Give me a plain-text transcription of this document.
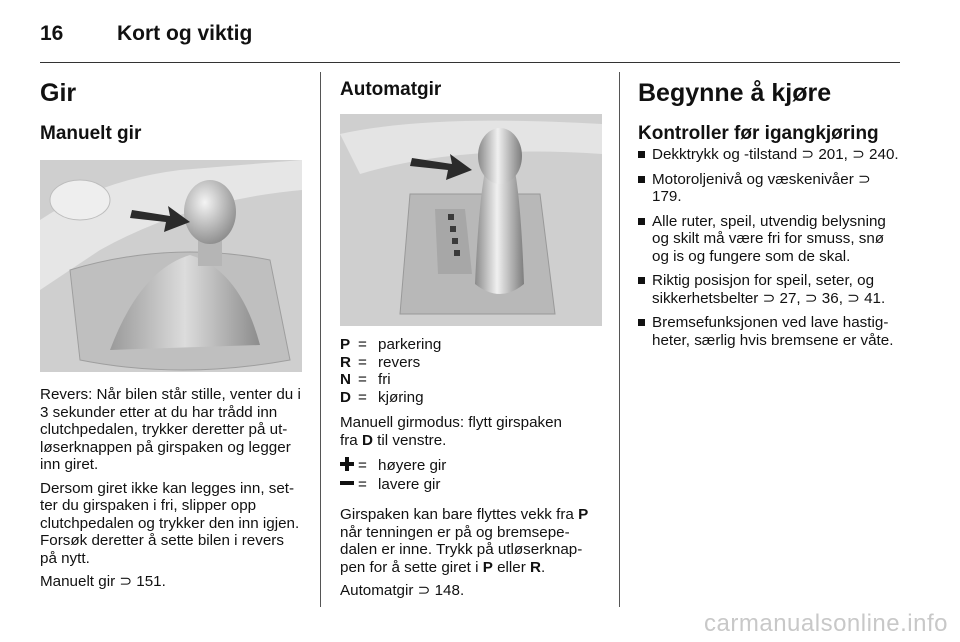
16	Kort og viktig
Gir
Manuelt gir

Revers: Når bilen står stille, venter du i 3 sekunder etter at du har trådd inn clutchpedalen, trykker deretter på ut-løserknappen på girspaken og legger inn giret.

Dersom giret ikke kan legges inn, set-ter du girspaken i fri, slipper opp clutchpedalen og trykker den inn igjen. Forsøk deretter å sette bilen i revers på nytt.

Manuelt gir ⊃ 151.

Automatgir
P = parkering
R = revers
N = fri
D = kjøring

Manuell girmodus: flytt girspaken
fra D til venstre.

= høyere gir
= lavere gir

Girspaken kan bare flyttes vekk fra P når tenningen er på og bremsepe-dalen er inne. Trykk på utløserknap-pen for å sette giret i P eller R.

Automatgir ⊃ 148.

Begynne å kjøre
Kontroller før igangkjøring
Dekktrykk og -tilstand ⊃ 201, ⊃ 240.
Motoroljenivå og væskenivåer ⊃ 179.
Alle ruter, speil, utvendig belysning og skilt må være fri for smuss, snø og is og fungere som de skal.
Riktig posisjon for speil, seter, og sikkerhetsbelter ⊃ 27, ⊃ 36, ⊃ 41.
Bremsefunksjonen ved lave hastig-heter, særlig hvis bremsene er våte.
carmanualsonline.info
